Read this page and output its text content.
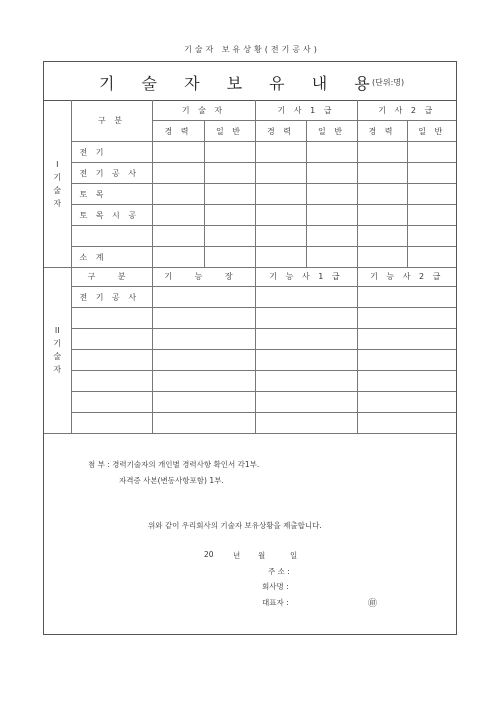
기술자 보유상황(전기공사)
기 술 자 보 유 내 용
(단위:명)
I
기
술
자	구 분	기 술 자		기 사 1 급		기 사 2 급	
		경 력	일 반	경 력	일 반	경 력	일 반
	전 기						
	전 기 공 사						
	토 목						
	토 목 시 공						

	소 계						
II
기
술
자	구 분	기 능 장	기 능 사 1 급	기 능 사 2 급
	전 기 공 사			

첨 부 : 경력기술자의 개인별 경력사항 확인서 각1부.
자격증 사본(변동사항포함) 1부.
위와 같이 우리회사의 기술자 보유상황을 제출합니다.
20	년 월	일
주 소 :
회사명 :
대표자 :	㊞
